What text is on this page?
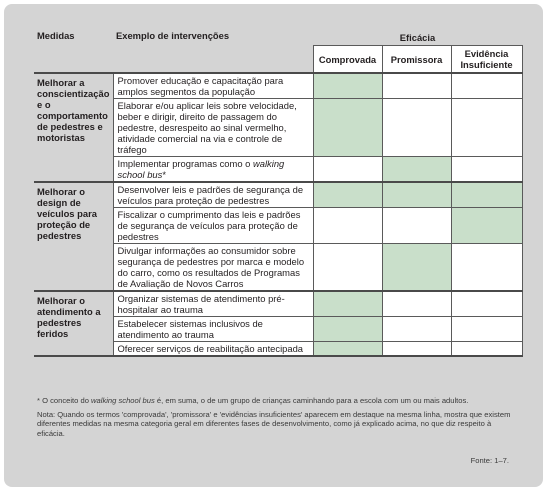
Medidas	Exemplo de intervenções	Eficácia		
		Comprovada	Promissora	Evidência Insuficiente
Melhorar a conscientização e o comportamento de pedestres e motoristas	Promover educação e capacitação para amplos segmentos da população			
	Elaborar e/ou aplicar leis sobre velocidade, beber e dirigir, direito de passagem do pedestre, desrespeito ao sinal vermelho, atividade comercial na via e controle de tráfego			
	Implementar programas como o walking school bus*			
Melhorar o design de veículos para proteção de pedestres	Desenvolver leis e padrões de segurança de veículos para proteção de pedestres			
	Fiscalizar o cumprimento das leis e padrões de segurança de veículos para proteção de pedestres			
	Divulgar informações ao consumidor sobre segurança de pedestres por marca e modelo do carro, como os resultados de Programas de Avaliação de Novos Carros			
Melhorar o atendimento a pedestres feridos	Organizar sistemas de atendimento pré-hospitalar ao trauma			
	Estabelecer sistemas inclusivos de atendimento ao trauma			
	Oferecer serviços de reabilitação antecipada			

* O conceito do walking school bus é, em suma, o de um grupo de crianças caminhando para a escola com um ou mais adultos.

Nota: Quando os termos 'comprovada', 'promissora' e 'evidências insuficientes' aparecem em destaque na mesma linha, mostra que existem diferentes medidas na mesma categoria geral em diferentes fases de desenvolvimento, como já explicado acima, no que diz respeito à eficácia.

Fonte: 1–7.
